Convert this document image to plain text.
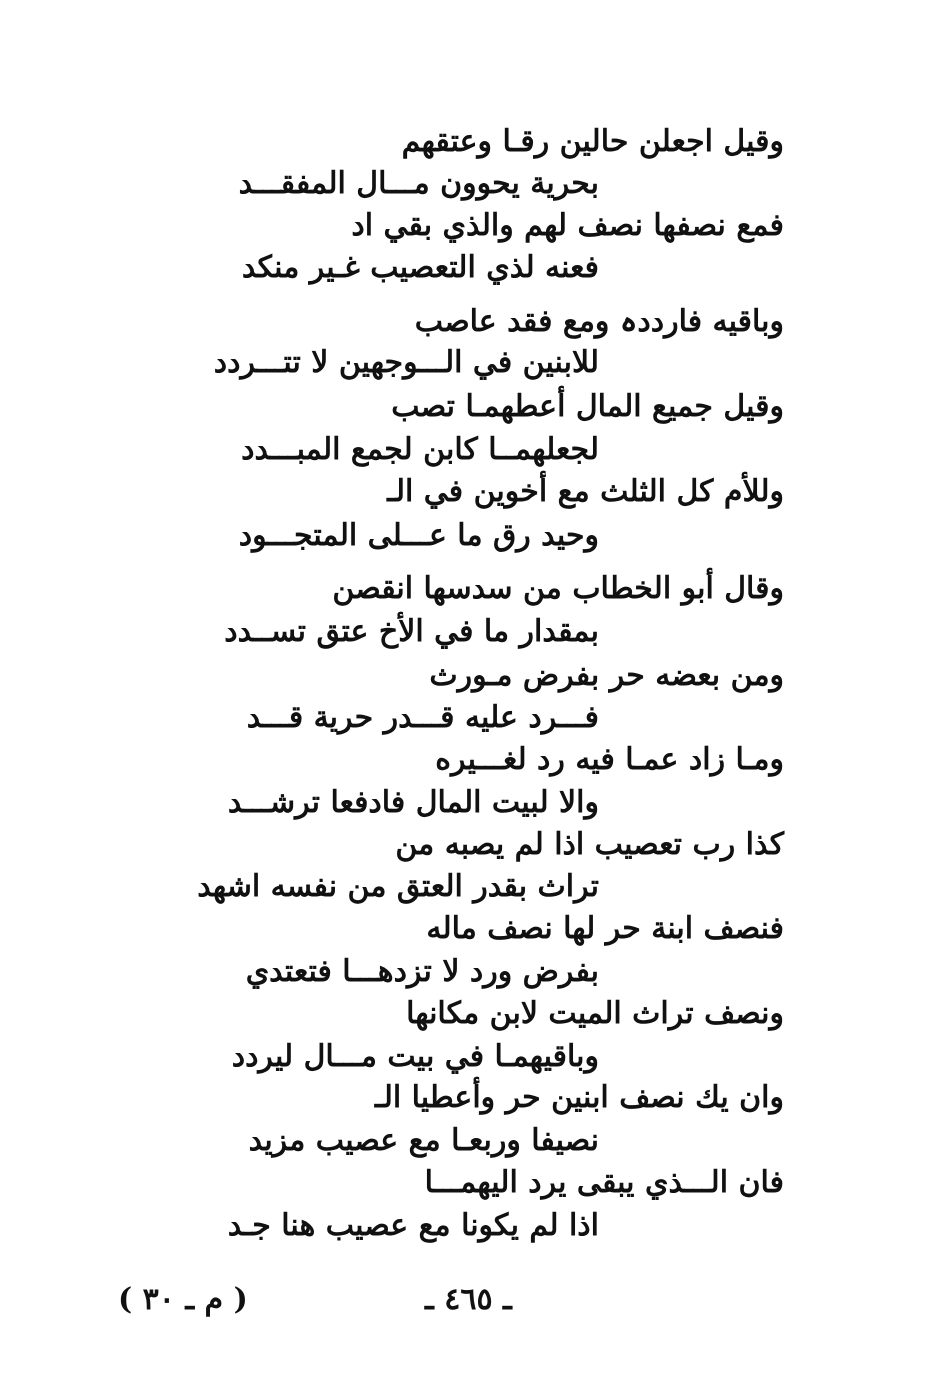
وقيل اجعلن حالين رقـا وعتقهم
بحرية يحوون مـــال المفقـــد
فمع نصفها نصف لهم والذي بقي اد
فعنه لذي التعصيب غـير منكد
وباقيه فارددہ ومع فقد عاصب
للابنين في الـــوجهين لا تتـــردد
وقيل جميع المال أعطهمـا تصب
لجعلهمــا كابن لجمع المبـــدد
وللأم كل الثلث مع أخوين في الـ
وحيد رق ما عـــلى المتجـــود
وقال أبو الخطاب من سدسها انقصن
بمقدار ما في الأخ عتق تســدد
ومن بعضه حر بفرض مـورث
فـــرد عليه قـــدر حرية قـــد
ومـا زاد عمـا فيه رد لغـــيره
والا لبيت المال فادفعا ترشـــد
كذا رب تعصيب اذا لم يصبه من
تراث بقدر العتق من نفسه اشهد
فنصف ابنة حر لها نصف ماله
بفرض ورد لا تزدهـــا فتعتدي
ونصف تراث الميت لابن مكانها
وباقيهمـا في بيت مـــال ليردد
وان يك نصف ابنين حر وأعطيا الـ
نصيفا وربعـا مع عصيب مزيد
فان الـــذي يبقى يرد اليهمـــا
اذا لم يكونا مع عصيب هنا جـد
( م ـ ٣٠ )	ـ ٤٦٥ ـ
